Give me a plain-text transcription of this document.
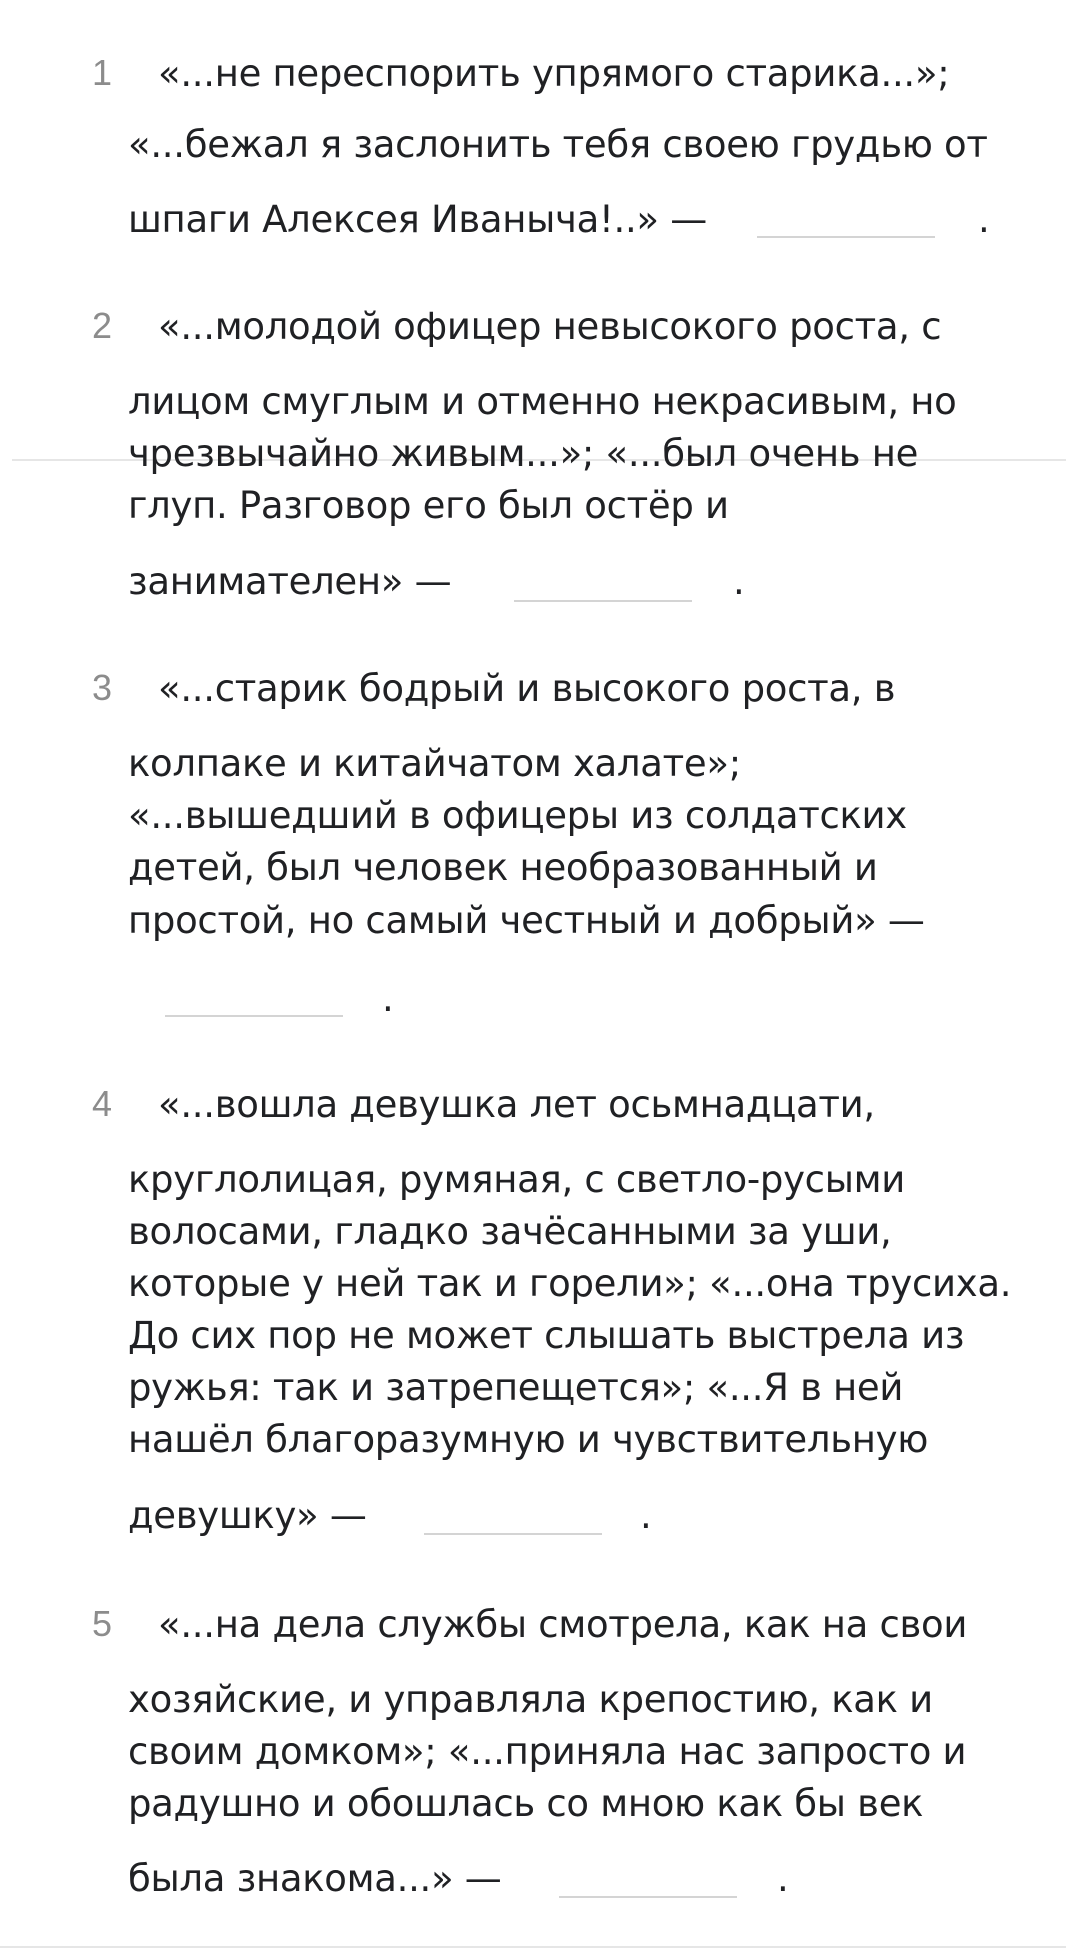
1 «...не переспорить упрямого старика...»;
«...бежал я заслонить тебя своею грудью от
шпаги Алексея Иваныча!..» —	.
2 «...молодой офицер невысокого роста, с
лицом смуглым и отменно некрасивым, но
чрезвычайно живым...»; «...был очень не
глуп. Разговор его был остёр и
занимателен» —	.
3 «...старик бодрый и высокого роста, в
колпаке и китайчатом халате»;
«...вышедший в офицеры из солдатских
детей, был человек необразованный и
простой, но самый честный и добрый» —
.
4 «...вошла девушка лет осьмнадцати,
круглолицая, румяная, с светло-русыми
волосами, гладко зачёсанными за уши,
которые у ней так и горели»; «...она трусиха.
До сих пор не может слышать выстрела из
ружья: так и затрепещется»; «...Я в ней
нашёл благоразумную и чувствительную
девушку» —	.
5 «...на дела службы смотрела, как на свои
хозяйские, и управляла крепостию, как и
своим домком»; «...приняла нас запросто и
радушно и обошлась со мною как бы век
была знакома...» —	.
